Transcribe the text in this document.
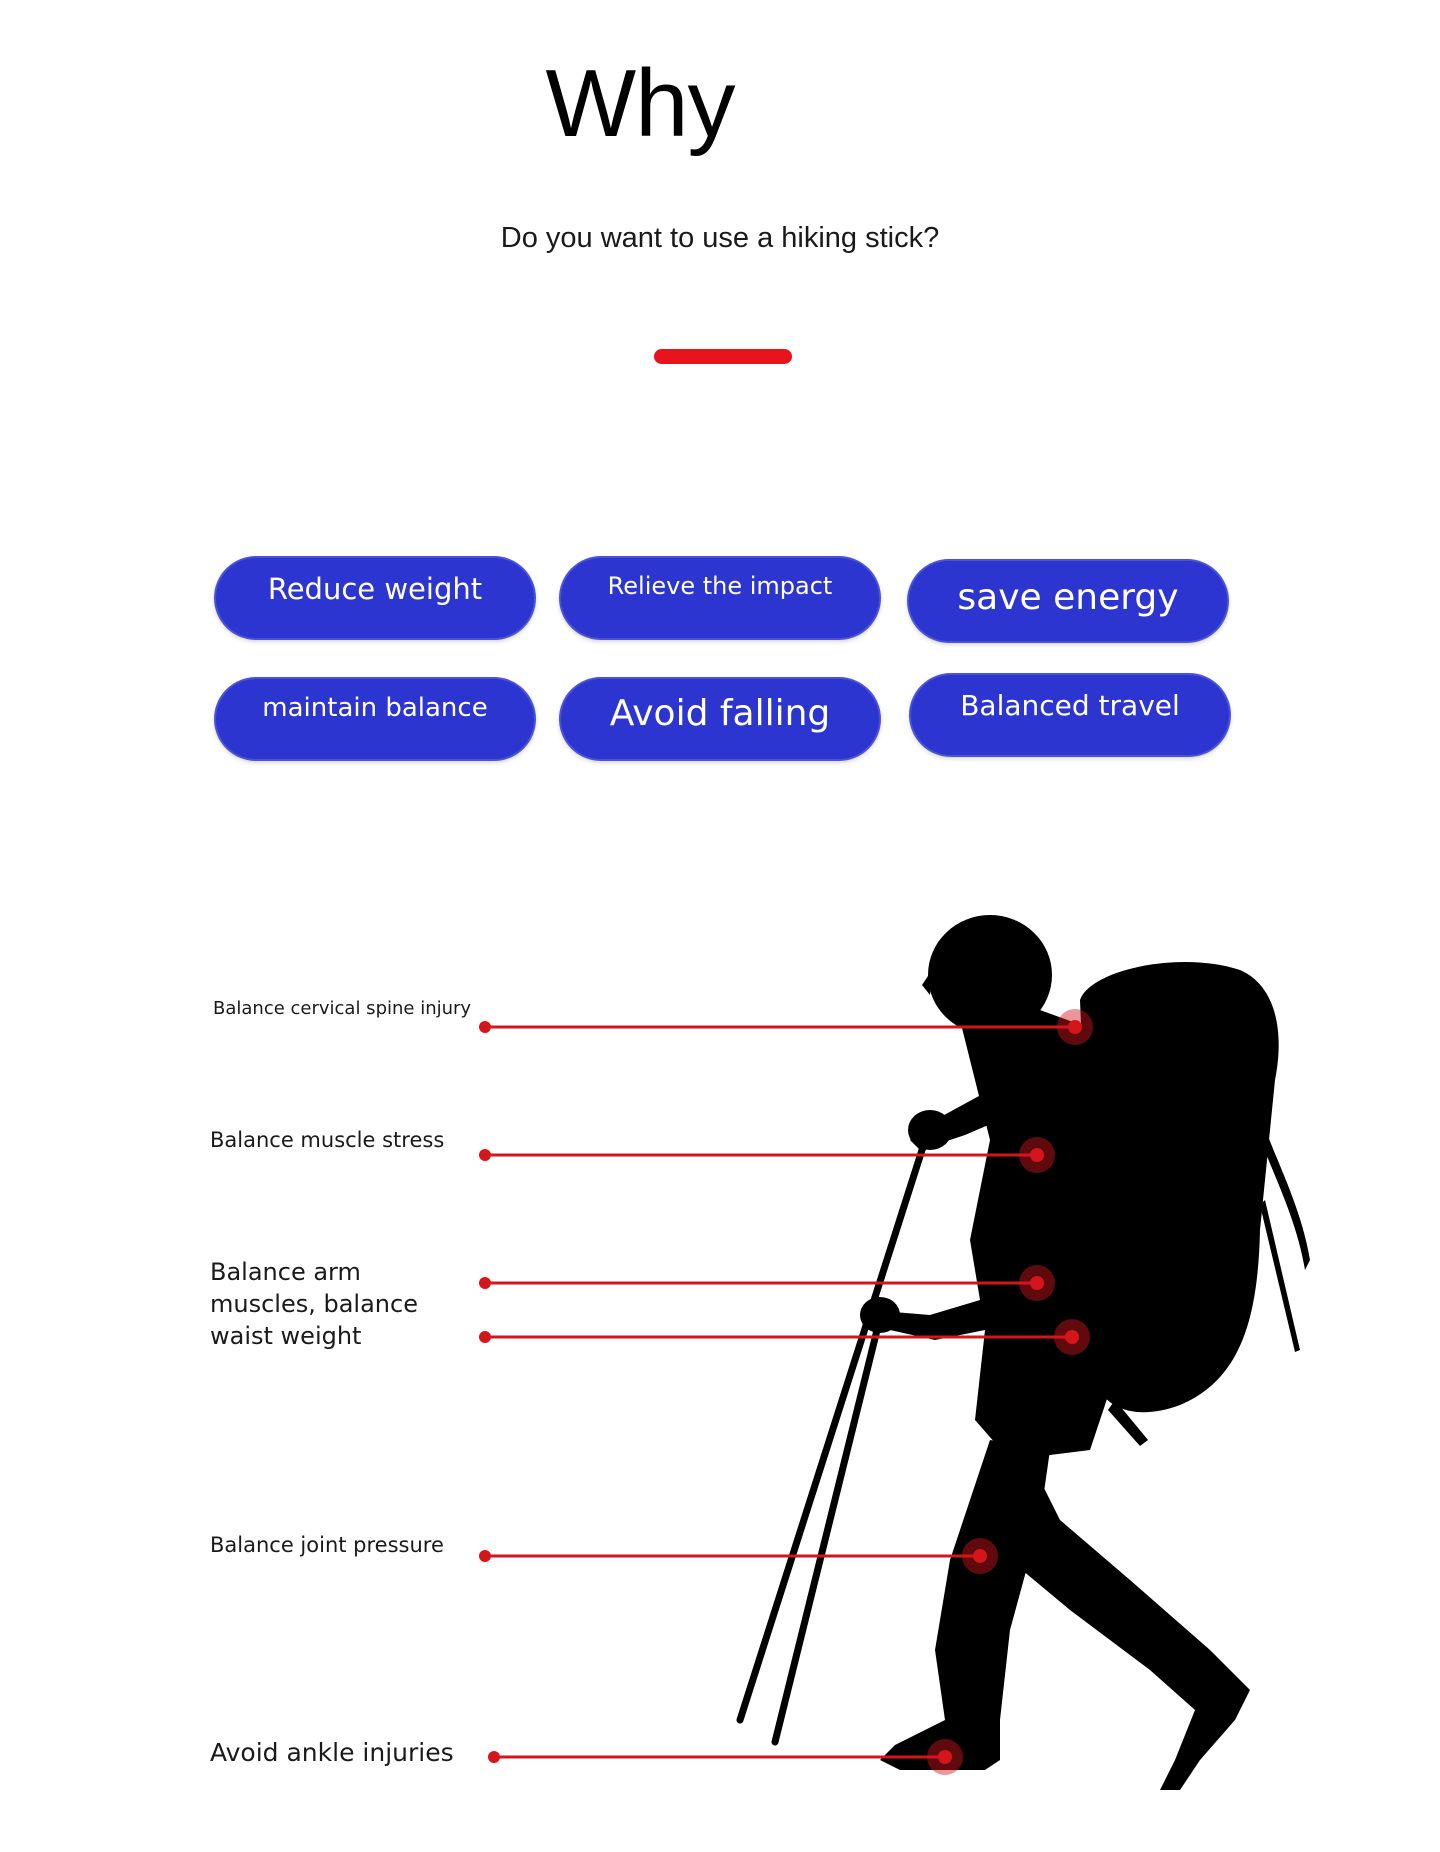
Why
Do you want to use a hiking stick?
Reduce weight	Relieve the impact	save energy
maintain balance	Avoid falling	Balanced travel
Balance cervical spine injury
Balance muscle stress
Balance arm muscles, balance waist weight
Balance joint pressure
Avoid ankle injuries
